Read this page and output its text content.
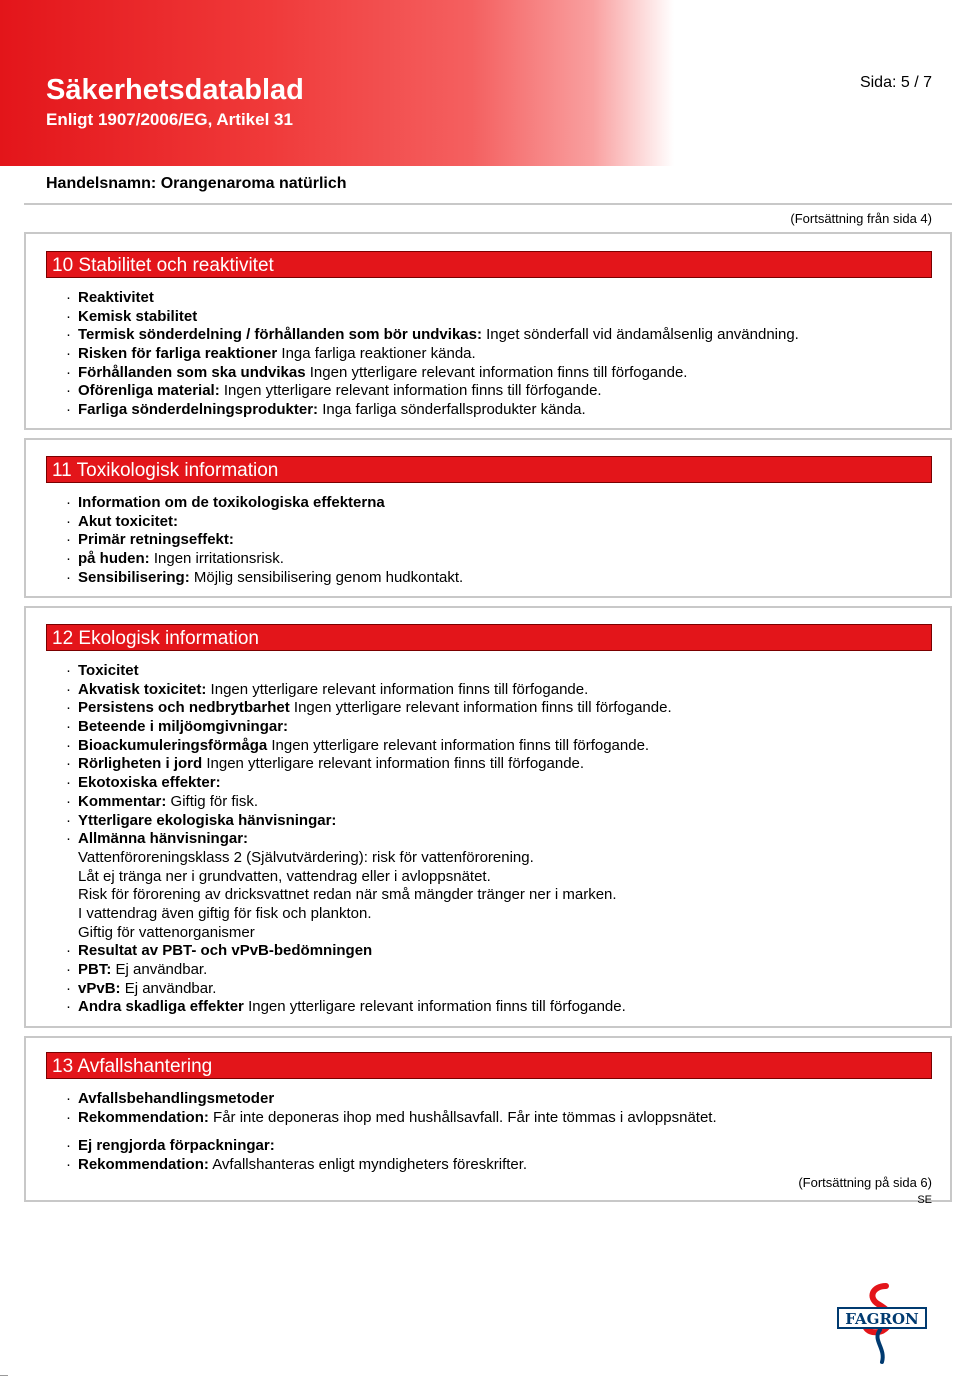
Säkerhetsdatablad
Enligt 1907/2006/EG, Artikel 31
Sida: 5 / 7
Datum för utskrift: 21.12.2012
Omarbetad: 21.12.2012
Versionsnummer 17
Handelsnamn: Orangenaroma natürlich
(Fortsättning från sida 4)
10 Stabilitet och reaktivitet
· Reaktivitet
· Kemisk stabilitet
· Termisk sönderdelning / förhållanden som bör undvikas: Inget sönderfall vid ändamålsenlig användning.
· Risken för farliga reaktioner Inga farliga reaktioner kända.
· Förhållanden som ska undvikas Ingen ytterligare relevant information finns till förfogande.
· Oförenliga material: Ingen ytterligare relevant information finns till förfogande.
· Farliga sönderdelningsprodukter: Inga farliga sönderfallsprodukter kända.
11 Toxikologisk information
· Information om de toxikologiska effekterna
· Akut toxicitet:
· Primär retningseffekt:
· på huden: Ingen irritationsrisk.
· Sensibilisering: Möjlig sensibilisering genom hudkontakt.
12 Ekologisk information
· Toxicitet
· Akvatisk toxicitet: Ingen ytterligare relevant information finns till förfogande.
· Persistens och nedbrytbarhet Ingen ytterligare relevant information finns till förfogande.
· Beteende i miljöomgivningar:
· Bioackumuleringsförmåga Ingen ytterligare relevant information finns till förfogande.
· Rörligheten i jord Ingen ytterligare relevant information finns till förfogande.
· Ekotoxiska effekter:
· Kommentar: Giftig för fisk.
· Ytterligare ekologiska hänvisningar:
· Allmänna hänvisningar:
Vattenföroreningsklass 2 (Självutvärdering): risk för vattenförorening.
Låt ej tränga ner i grundvatten, vattendrag eller i avloppsnätet.
Risk för förorening av dricksvattnet redan när små mängder tränger ner i marken.
I vattendrag även giftig för fisk och plankton.
Giftig för vattenorganismer
· Resultat av PBT- och vPvB-bedömningen
· PBT: Ej användbar.
· vPvB: Ej användbar.
· Andra skadliga effekter Ingen ytterligare relevant information finns till förfogande.
13 Avfallshantering
· Avfallsbehandlingsmetoder
· Rekommendation: Får inte deponeras ihop med hushållsavfall. Får inte tömmas i avloppsnätet.
· Ej rengjorda förpackningar:
· Rekommendation: Avfallshanteras enligt myndigheters föreskrifter.
(Fortsättning på sida 6)
SE
FAGRON
